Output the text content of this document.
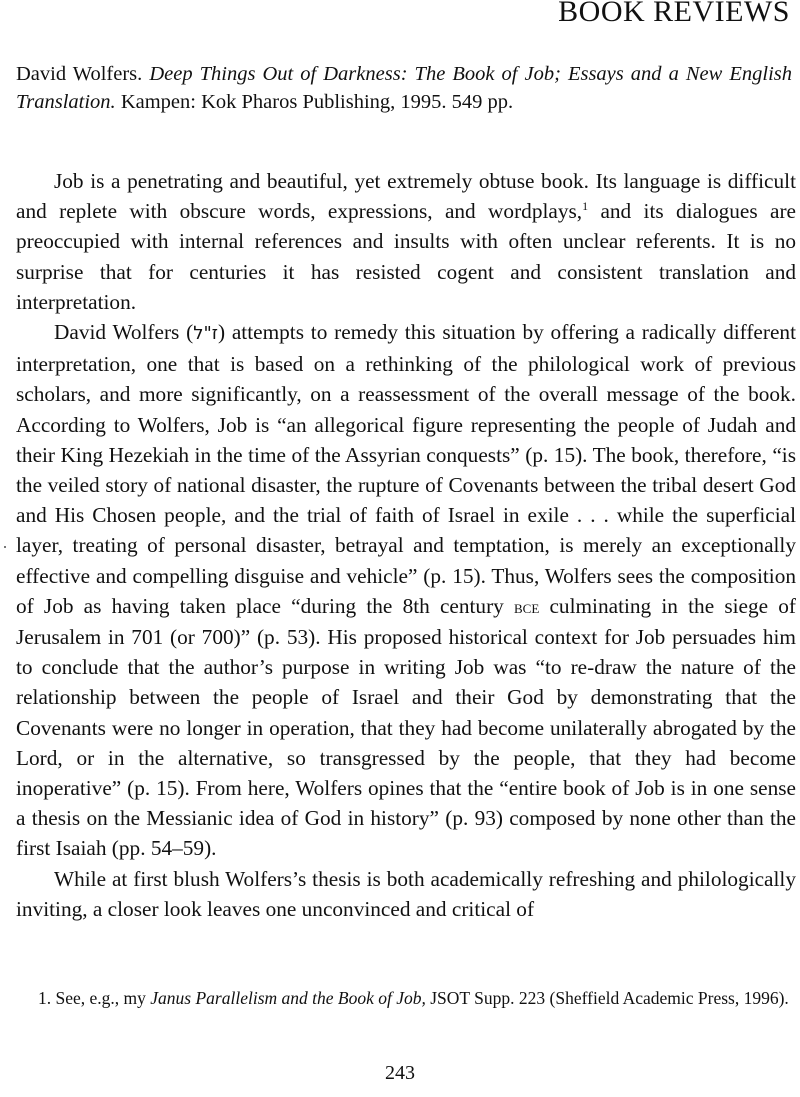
BOOK REVIEWS
David Wolfers. Deep Things Out of Darkness: The Book of Job; Essays and a New English Translation. Kampen: Kok Pharos Publishing, 1995. 549 pp.

Job is a penetrating and beautiful, yet extremely obtuse book. Its language is difficult and replete with obscure words, expressions, and wordplays,$^1$ and its dialogues are preoccupied with internal references and insults with often unclear referents. It is no surprise that for centuries it has resisted cogent and consistent translation and interpretation.

David Wolfers (ז"ל) attempts to remedy this situation by offering a radically different interpretation, one that is based on a rethinking of the philological work of previous scholars, and more significantly, on a reassessment of the overall message of the book. According to Wolfers, Job is “an allegorical figure representing the people of Judah and their King Hezekiah in the time of the Assyrian conquests” (p. 15). The book, therefore, “is the veiled story of national disaster, the rupture of Covenants between the tribal desert God and His Chosen people, and the trial of faith of Israel in exile . . . while the superficial layer, treating of personal disaster, betrayal and temptation, is merely an exceptionally effective and compelling disguise and vehicle” (p. 15). Thus, Wolfers sees the composition of Job as having taken place “during the 8th century bce culminating in the siege of Jerusalem in 701 (or 700)” (p. 53). His proposed historical context for Job persuades him to conclude that the author’s purpose in writing Job was “to re-draw the nature of the relationship between the people of Israel and their God by demonstrating that the Covenants were no longer in operation, that they had become unilaterally abrogated by the Lord, or in the alternative, so transgressed by the people, that they had become inoperative” (p. 15). From here, Wolfers opines that the “entire book of Job is in one sense a thesis on the Messianic idea of God in history” (p. 93) composed by none other than the first Isaiah (pp. 54–59).

While at first blush Wolfers’s thesis is both academically refreshing and philologically inviting, a closer look leaves one unconvinced and critical of

1. See, e.g., my Janus Parallelism and the Book of Job, JSOT Supp. 223 (Sheffield Academic Press, 1996).
243
